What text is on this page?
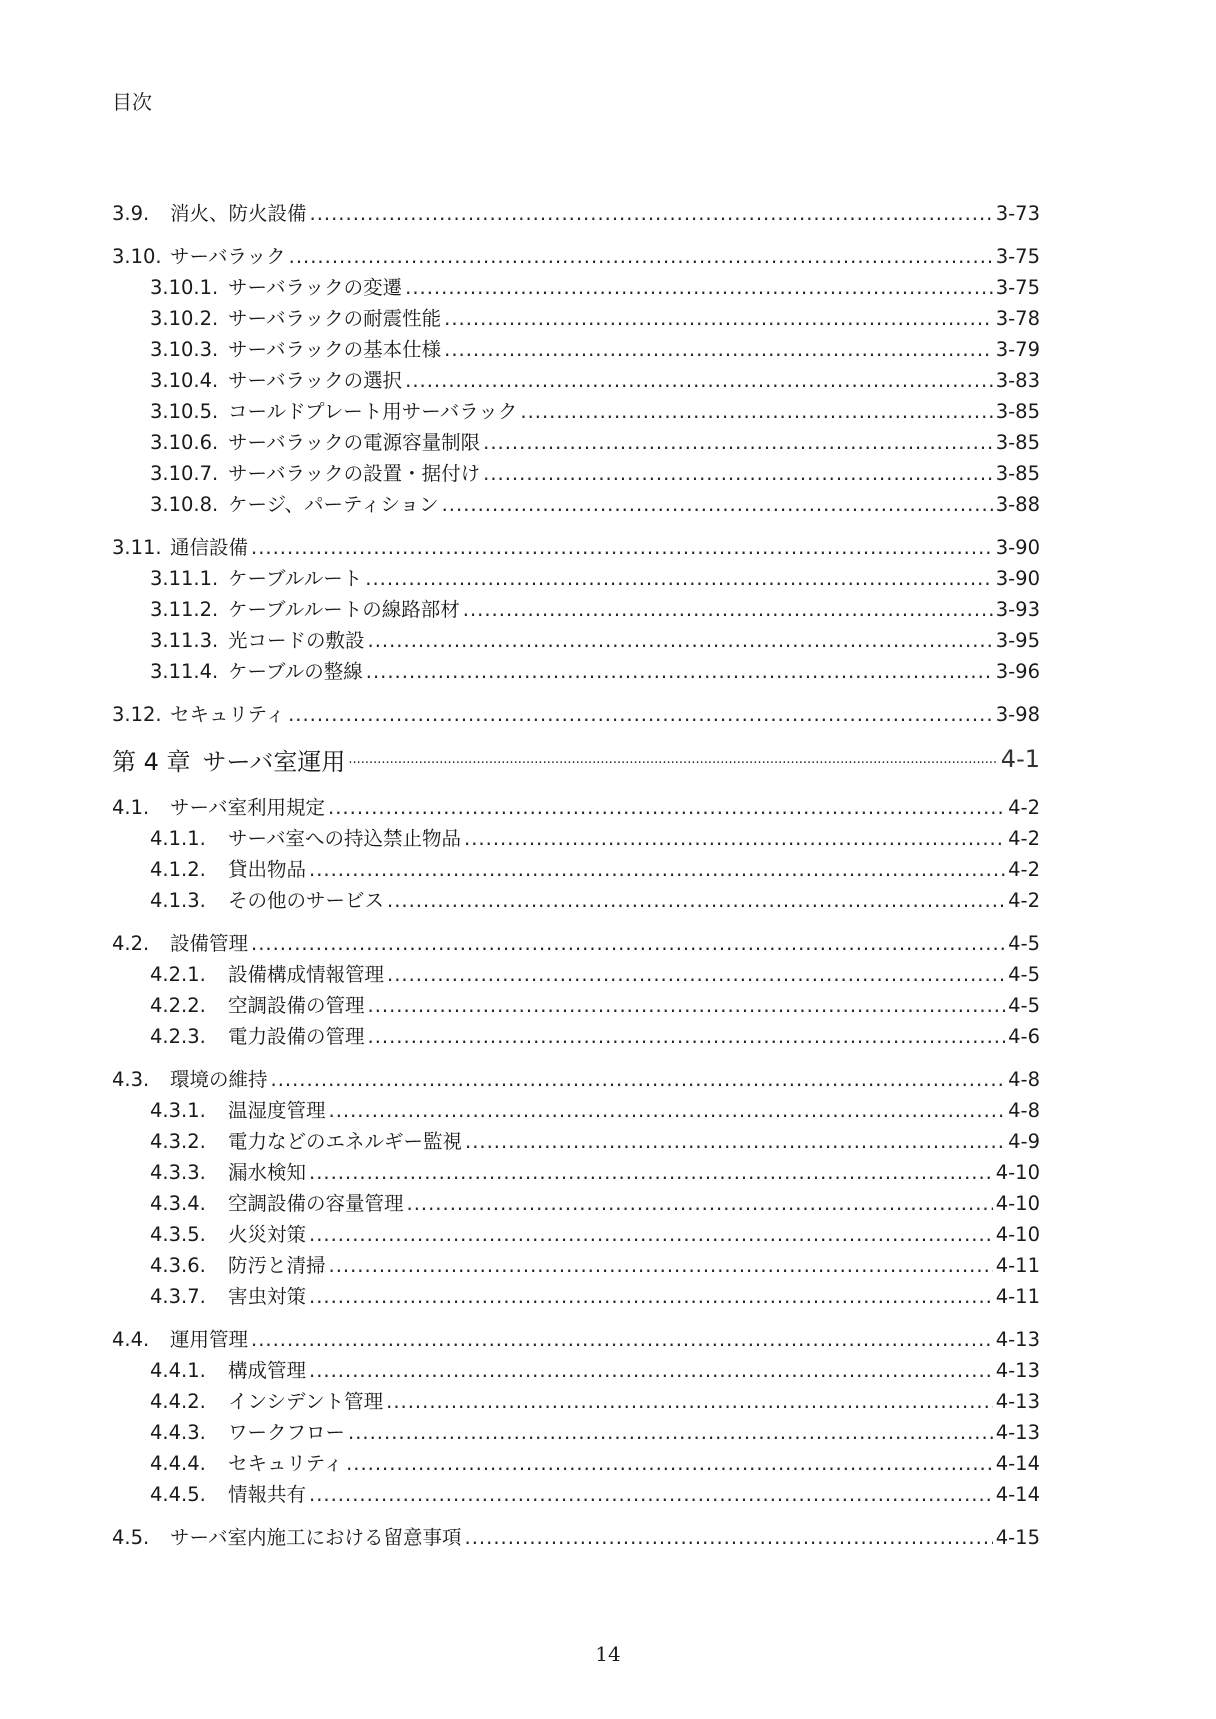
目次
3.9.	消火、防火設備 .....	3-73
3.10. サーバラック .....	3-75
3.10.1. サーバラックの変遷 .....	3-75
3.10.2. サーバラックの耐震性能 .....	3-78
3.10.3. サーバラックの基本仕様 .....	3-79
3.10.4. サーバラックの選択 .....	3-83
3.10.5. コールドプレート用サーバラック .....	3-85
3.10.6. サーバラックの電源容量制限 .....	3-85
3.10.7. サーバラックの設置・据付け .....	3-85
3.10.8. ケージ、パーティション .....	3-88
3.11. 通信設備 .....	3-90
3.11.1. ケーブルルート .....	3-90
3.11.2. ケーブルルートの線路部材 .....	3-93
3.11.3. 光コードの敷設 .....	3-95
3.11.4. ケーブルの整線 .....	3-96
3.12. セキュリティ .....	3-98
第 4 章 サーバ室運用 .....	4-1
4.1.	サーバ室利用規定 .....	4-2
4.1.1.	サーバ室への持込禁止物品 .....	4-2
4.1.2.	貸出物品 .....	4-2
4.1.3.	その他のサービス .....	4-2
4.2.	設備管理 .....	4-5
4.2.1.	設備構成情報管理 .....	4-5
4.2.2.	空調設備の管理 .....	4-5
4.2.3.	電力設備の管理 .....	4-6
4.3.	環境の維持 .....	4-8
4.3.1.	温湿度管理 .....	4-8
4.3.2.	電力などのエネルギー監視 .....	4-9
4.3.3.	漏水検知 .....	4-10
4.3.4.	空調設備の容量管理 .....	4-10
4.3.5.	火災対策 .....	4-10
4.3.6.	防汚と清掃 .....	4-11
4.3.7.	害虫対策 .....	4-11
4.4.	運用管理 .....	4-13
4.4.1.	構成管理 .....	4-13
4.4.2.	インシデント管理 .....	4-13
4.4.3.	ワークフロー .....	4-13
4.4.4.	セキュリティ .....	4-14
4.4.5.	情報共有 .....	4-14
4.5.	サーバ室内施工における留意事項 .....	4-15
14
